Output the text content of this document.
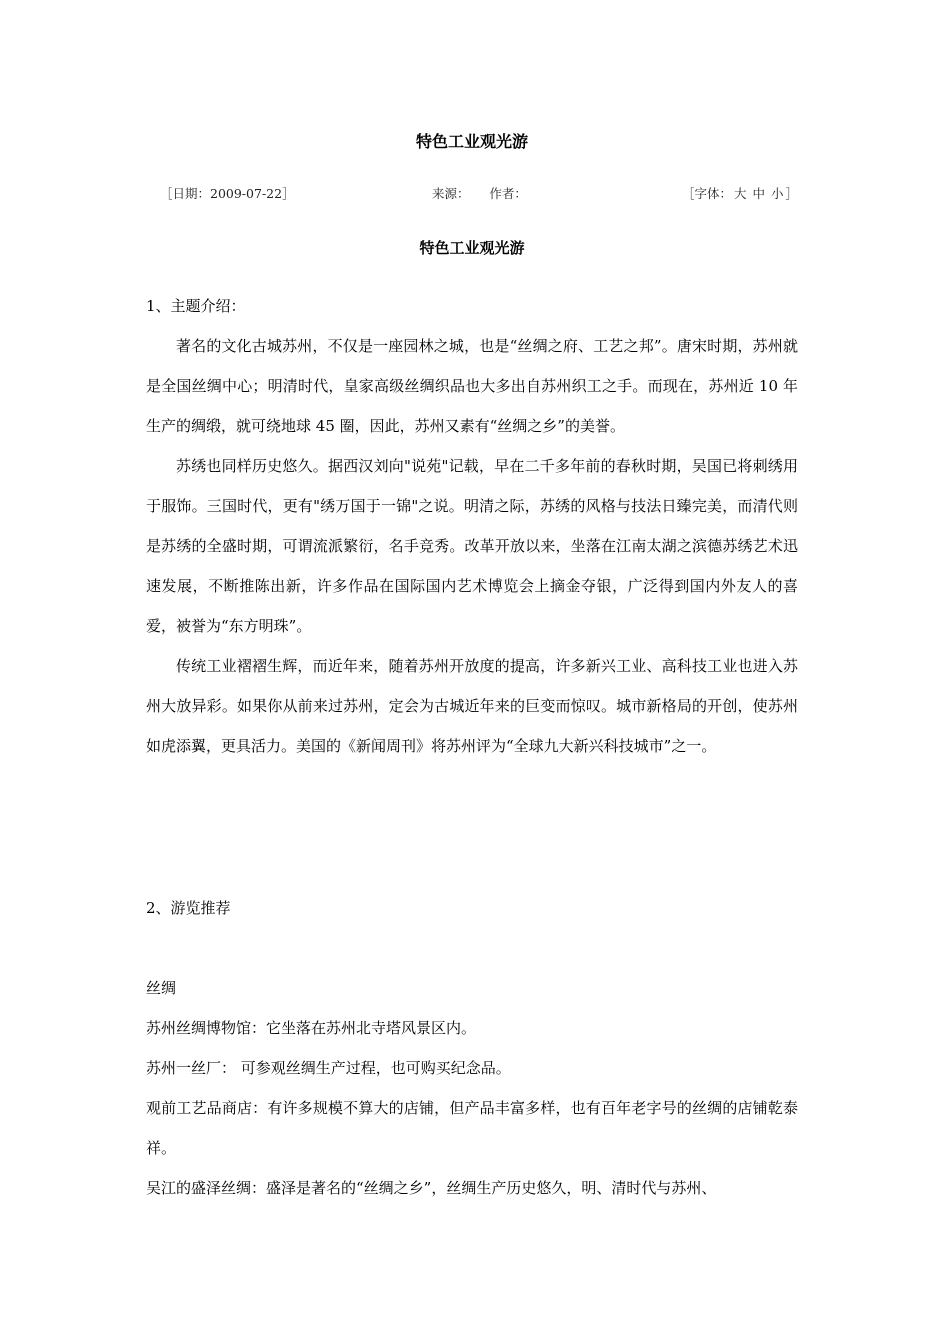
特色工业观光游
［日期：2009-07-22］	来源： 作者：	［字体： 大 中 小 ］
特色工业观光游

1、主题介绍：

著名的文化古城苏州，不仅是一座园林之城，也是“丝绸之府、工艺之邦”。唐宋时期，苏州就是全国丝绸中心；明清时代，皇家高级丝绸织品也大多出自苏州织工之手。而现在，苏州近 10 年生产的绸缎，就可绕地球 45 圈，因此，苏州又素有“丝绸之乡”的美誉。

苏绣也同样历史悠久。据西汉刘向"说苑"记载，早在二千多年前的春秋时期，吴国已将刺绣用于服饰。三国时代，更有"绣万国于一锦"之说。明清之际，苏绣的风格与技法日臻完美，而清代则是苏绣的全盛时期，可谓流派繁衍，名手竞秀。改革开放以来，坐落在江南太湖之滨德苏绣艺术迅速发展，不断推陈出新，许多作品在国际国内艺术博览会上摘金夺银，广泛得到国内外友人的喜爱，被誉为“东方明珠”。

传统工业褶褶生辉，而近年来，随着苏州开放度的提高，许多新兴工业、高科技工业也进入苏州大放异彩。如果你从前来过苏州，定会为古城近年来的巨变而惊叹。城市新格局的开创，使苏州如虎添翼，更具活力。美国的《新闻周刊》将苏州评为“全球九大新兴科技城市”之一。

2、游览推荐

丝绸

苏州丝绸博物馆：它坐落在苏州北寺塔风景区内。

苏州一丝厂： 可参观丝绸生产过程，也可购买纪念品。

观前工艺品商店：有许多规模不算大的店铺，但产品丰富多样，也有百年老字号的丝绸的店铺乾泰祥。

吴江的盛泽丝绸：盛泽是著名的“丝绸之乡”，丝绸生产历史悠久，明、清时代与苏州、
